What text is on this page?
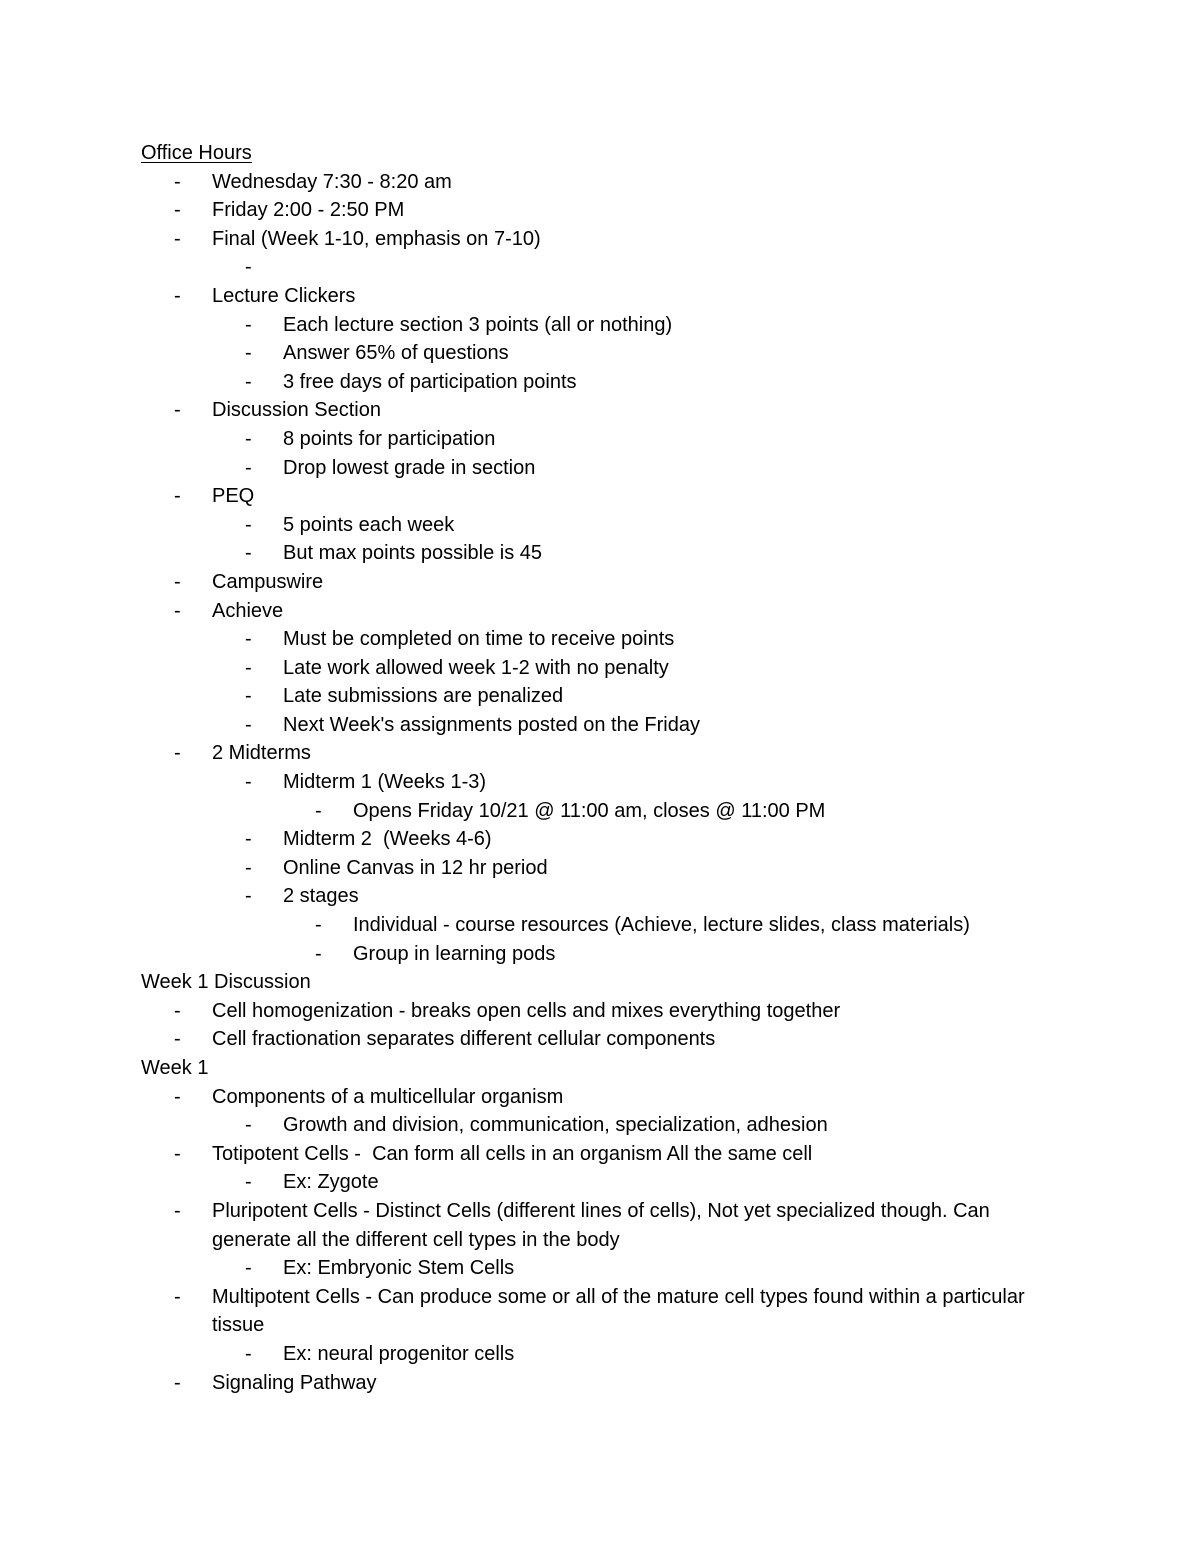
Office Hours
- Wednesday 7:30 - 8:20 am
- Friday 2:00 - 2:50 PM
- Final (Week 1-10, emphasis on 7-10)
-

- Lecture Clickers
- Each lecture section 3 points (all or nothing)
- Answer 65% of questions
- 3 free days of participation points
- Discussion Section
- 8 points for participation
- Drop lowest grade in section
- PEQ
- 5 points each week
- But max points possible is 45
- Campuswire
- Achieve
- Must be completed on time to receive points
- Late work allowed week 1-2 with no penalty
- Late submissions are penalized
- Next Week's assignments posted on the Friday
- 2 Midterms
- Midterm 1 (Weeks 1-3)
- Opens Friday 10/21 @ 11:00 am, closes @ 11:00 PM
- Midterm 2  (Weeks 4-6)
- Online Canvas in 12 hr period
- 2 stages
- Individual - course resources (Achieve, lecture slides, class materials)
- Group in learning pods
Week 1 Discussion
- Cell homogenization - breaks open cells and mixes everything together
- Cell fractionation separates different cellular components
Week 1
- Components of a multicellular organism
- Growth and division, communication, specialization, adhesion
- Totipotent Cells -  Can form all cells in an organism All the same cell
- Ex: Zygote
- Pluripotent Cells - Distinct Cells (different lines of cells), Not yet specialized though. Can generate all the different cell types in the body
- Ex: Embryonic Stem Cells
- Multipotent Cells - Can produce some or all of the mature cell types found within a particular tissue
- Ex: neural progenitor cells
- Signaling Pathway
